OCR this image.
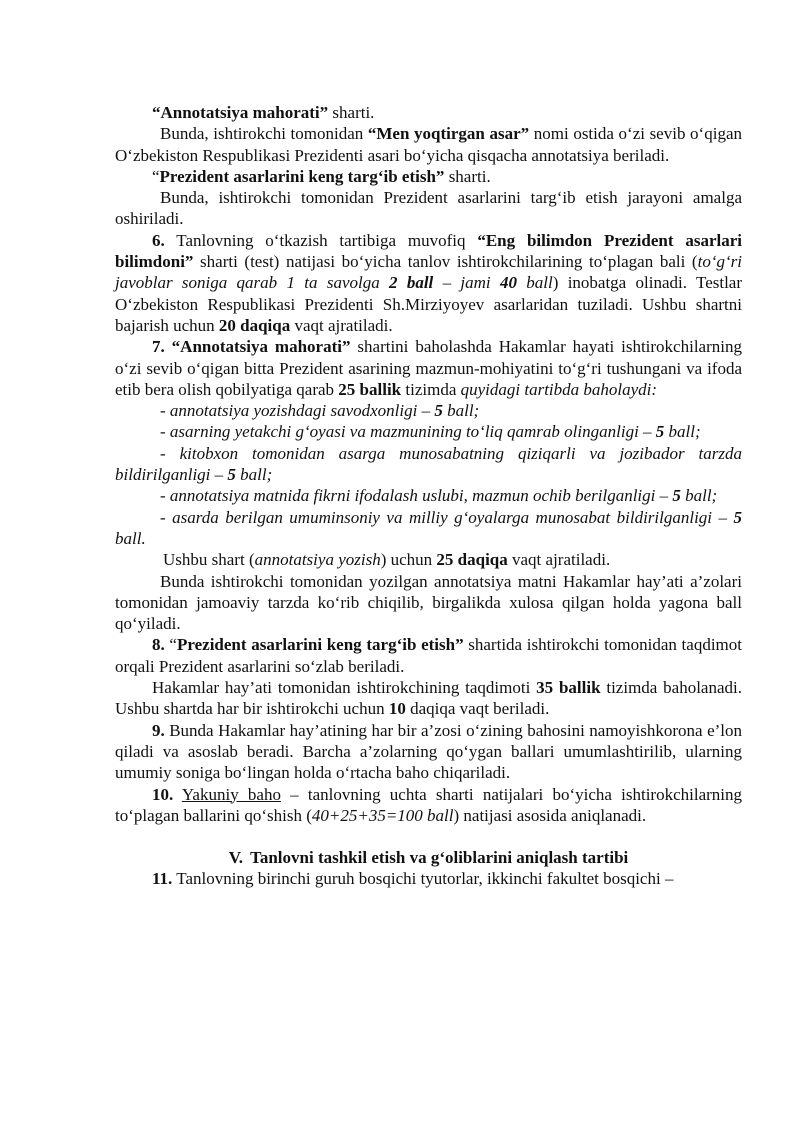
“Annotatsiya mahorati” sharti.

Bunda, ishtirokchi tomonidan “Men yoqtirgan asar” nomi ostida o‘zi sevib o‘qigan O‘zbekiston Respublikasi Prezidenti asari bo‘yicha qisqacha annotatsiya beriladi.

“Prezident asarlarini keng targ‘ib etish” sharti.

Bunda, ishtirokchi tomonidan Prezident asarlarini targ‘ib etish jarayoni amalga oshiriladi.

6. Tanlovning o‘tkazish tartibiga muvofiq “Eng bilimdon Prezident asarlari bilimdoni” sharti (test) natijasi bo‘yicha tanlov ishtirokchilarining to‘plagan bali (to‘g‘ri javoblar soniga qarab 1 ta savolga 2 ball – jami 40 ball) inobatga olinadi. Testlar O‘zbekiston Respublikasi Prezidenti Sh.Mirziyoyev asarlaridan tuziladi. Ushbu shartni bajarish uchun 20 daqiqa vaqt ajratiladi.

7. “Annotatsiya mahorati” shartini baholashda Hakamlar hayati ishtirokchilarning o‘zi sevib o‘qigan bitta Prezident asarining mazmun-mohiyatini to‘g‘ri tushungani va ifoda etib bera olish qobilyatiga qarab 25 ballik tizimda quyidagi tartibda baholaydi:

- annotatsiya yozishdagi savodxonligi – 5 ball;

- asarning yetakchi g‘oyasi va mazmunining to‘liq qamrab olinganligi – 5 ball;

- kitobxon tomonidan asarga munosabatning qiziqarli va jozibador tarzda bildirilganligi – 5 ball;

- annotatsiya matnida fikrni ifodalash uslubi, mazmun ochib berilganligi – 5 ball;

- asarda berilgan umuminsoniy va milliy g‘oyalarga munosabat bildirilganligi – 5 ball.

Ushbu shart (annotatsiya yozish) uchun 25 daqiqa vaqt ajratiladi.

Bunda ishtirokchi tomonidan yozilgan annotatsiya matni Hakamlar hay’ati a’zolari tomonidan jamoaviy tarzda ko‘rib chiqilib, birgalikda xulosa qilgan holda yagona ball qo‘yiladi.

8. “Prezident asarlarini keng targ‘ib etish” shartida ishtirokchi tomonidan taqdimot orqali Prezident asarlarini so‘zlab beriladi.

Hakamlar hay’ati tomonidan ishtirokchining taqdimoti 35 ballik tizimda baholanadi. Ushbu shartda har bir ishtirokchi uchun 10 daqiqa vaqt beriladi.

9. Bunda Hakamlar hay’atining har bir a’zosi o‘zining bahosini namoyishkorona e’lon qiladi va asoslab beradi. Barcha a’zolarning qo‘ygan ballari umumlashtirilib, ularning umumiy soniga bo‘lingan holda o‘rtacha baho chiqariladi.

10. Yakuniy baho – tanlovning uchta sharti natijalari bo‘yicha ishtirokchilarning to‘plagan ballarini qo‘shish (40+25+35=100 ball) natijasi asosida aniqlanadi.

V. Tanlovni tashkil etish va g‘oliblarini aniqlash tartibi

11. Tanlovning birinchi guruh bosqichi tyutorlar, ikkinchi fakultet bosqichi –
